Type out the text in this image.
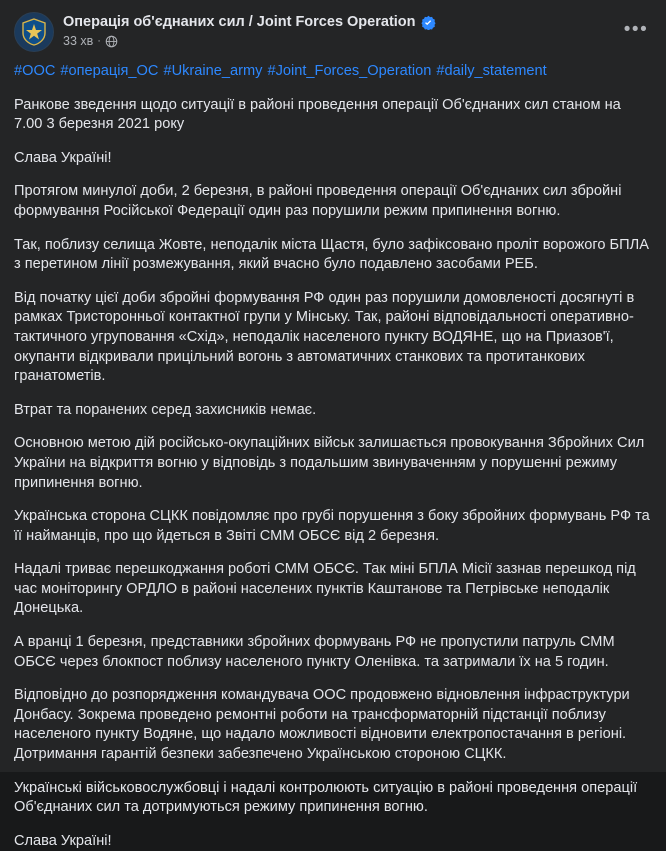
Операція об'єднаних сил / Joint Forces Operation
33 хв ·
•••
#ООС #операція_ОС #Ukraine_army #Joint_Forces_Operation #daily_statement

Ранкове зведення щодо ситуації в районі проведення операції Об'єднаних сил станом на 7.00 3 березня 2021 року

Слава Україні!

Протягом минулої доби, 2 березня, в районі проведення операції Об'єднаних сил збройні формування Російської Федерації один раз порушили режим припинення вогню.

Так, поблизу селища Жовте, неподалік міста Щастя, було зафіксовано проліт ворожого БПЛА з перетином лінії розмежування, який вчасно було подавлено засобами РЕБ.

Від початку цієї доби збройні формування РФ один раз порушили домовленості досягнуті в рамках Тристоронньої контактної групи у Мінську. Так, районі відповідальності оперативно-тактичного угруповання «Схід», неподалік населеного пункту ВОДЯНЕ, що на Приазов'ї, окупанти відкривали прицільний вогонь з автоматичних станкових та протитанкових гранатометів.

Втрат та поранених серед захисників немає.

Основною метою дій російсько-окупаційних військ залишається провокування Збройних Сил України на відкриття вогню у відповідь з подальшим звинуваченням у порушенні режиму припинення вогню.

Українська сторона СЦКК повідомляє про грубі порушення з боку збройних формувань РФ та її найманців, про що йдеться в Звіті СММ ОБСЄ від 2 березня.

Надалі триває перешкоджання роботі СММ ОБСЄ. Так міні БПЛА Місії зазнав перешкод під час моніторингу ОРДЛО в районі населених пунктів Каштанове та Петрівське неподалік Донецька.

А вранці 1 березня, представники збройних формувань РФ не пропустили патруль СММ ОБСЄ через блокпост поблизу населеного пункту Оленівка. та затримали їх на 5 годин.

Відповідно до розпорядження командувача ООС продовжено відновлення інфраструктури Донбасу. Зокрема проведено ремонтні роботи на трансформаторній підстанції поблизу населеного пункту Водяне, що надало можливості відновити електропостачання в регіоні. Дотримання гарантій безпеки забезпечено Українською стороною СЦКК.

Українські військовослужбовці і надалі контролюють ситуацію в районі проведення операції Об'єднаних сил та дотримуються режиму припинення вогню.

Слава Україні!
